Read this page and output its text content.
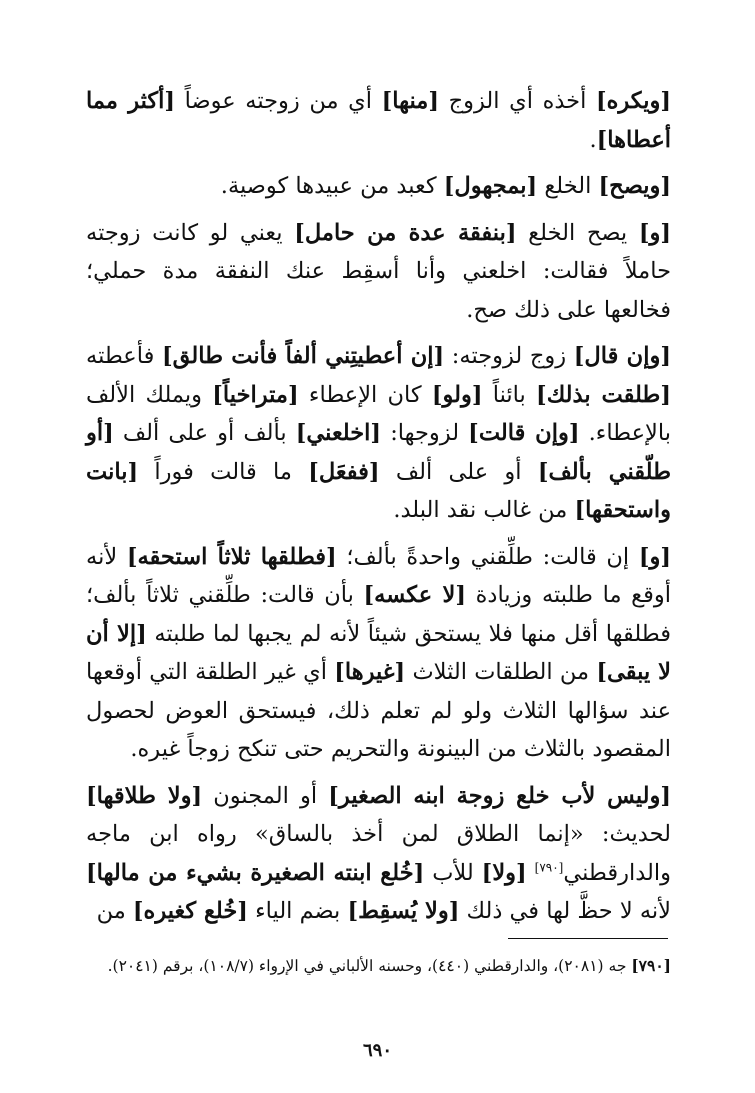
[ويكره] أخذه أي الزوج [منها] أي من زوجته عوضاً [أكثر مما أعطاها].

[ويصح] الخلع [بمجهول] كعبد من عبيدها كوصية.

[و] يصح الخلع [بنفقة عدة من حامل] يعني لو كانت زوجته حاملاً فقالت: اخلعني وأنا أسقِط عنك النفقة مدة حملي؛ فخالعها على ذلك صح.

[وإن قال] زوج لزوجته: [إن أعطيتِني ألفاً فأنت طالق] فأعطته [طلقت بذلك] بائناً [ولو] كان الإعطاء [متراخياً] ويملك الألف بالإعطاء. [وإن قالت] لزوجها: [اخلعني] بألف أو على ألف [أو طلّقني بألف] أو على ألف [ففعَل] ما قالت فوراً [بانت واستحقها] من غالب نقد البلد.

[و] إن قالت: طلِّقني واحدةً بألف؛ [فطلقها ثلاثاً استحقه] لأنه أوقع ما طلبته وزيادة [لا عكسه] بأن قالت: طلِّقني ثلاثاً بألف؛ فطلقها أقل منها فلا يستحق شيئاً لأنه لم يجبها لما طلبته [إلا أن لا يبقى] من الطلقات الثلاث [غيرها] أي غير الطلقة التي أوقعها عند سؤالها الثلاث ولو لم تعلم ذلك، فيستحق العوض لحصول المقصود بالثلاث من البينونة والتحريم حتى تنكح زوجاً غيره.

[وليس لأب خلع زوجة ابنه الصغير] أو المجنون [ولا طلاقها] لحديث: «إنما الطلاق لمن أخذ بالساق» رواه ابن ماجه والدارقطني[٧٩٠] [ولا] للأب [خُلع ابنته الصغيرة بشيء من مالها] لأنه لا حظَّ لها في ذلك [ولا يُسقِط] بضم الياء [خُلع كغيره] من

[٧٩٠] جه (٢٠٨١)، والدارقطني (٤٤٠)، وحسنه الألباني في الإرواء (١٠٨/٧)، برقم (٢٠٤١).
٦٩٠
